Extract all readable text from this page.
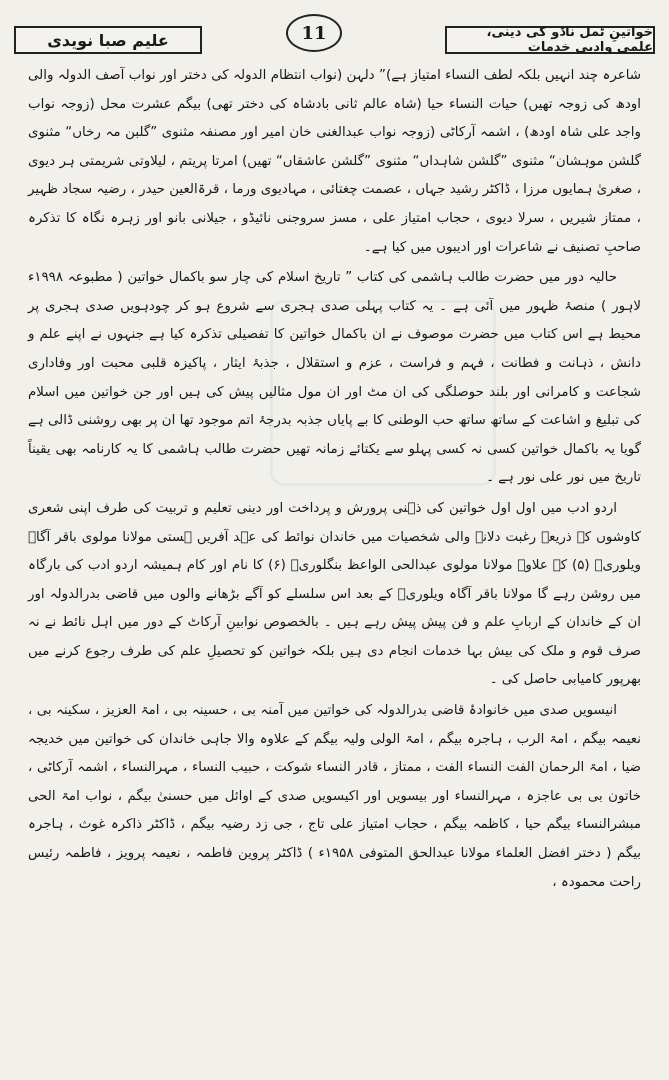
علیم صبا نویدی	11	خواتینِ ٹمل ناڈو کی دینی، علمی وادبی خدمات

شاعرہ چند انہیں بلکہ لطف النساء امتیاز ہے)” دلہن (نواب انتظام الدولہ کی دختر اور نواب آصف الدولہ والی اودھ کی زوجہ تھیں) حیات النساء حیا (شاہ عالم ثانی بادشاہ کی دختر تھی) بیگم عشرت محل (زوجہ نواب واجد علی شاہ اودھ) ، اشمہ آرکاٹی (زوجہ نواب عبدالغنی خان امیر اور مصنفہ مثنوی ”گلبن مہ رخاں“ مثنوی گلشن موہشان“ مثنوی ”گلشن شاہداں“ مثنوی ”گلشن عاشقاں“ تھیں) امرتا پریتم ، لیلاوتی شریمتی ہر دیوی ، صغریٰ ہمایوں مرزا ، ڈاکٹر رشید جہاں ، عصمت چغتائی ، مہادیوی ورما ، قرۃالعین حیدر ، رضیہ سجاد ظہیر ، ممتاز شیریں ، سرلا دیوی ، حجاب امتیاز علی ، مسز سروجنی نائیڈو ، جیلانی بانو اور زہرہ نگاہ کا تذکرہ صاحبِ تصنیف نے شاعرات اور ادیبوں میں کیا ہے۔

حالیہ دور میں حضرت طالب ہاشمی کی کتاب ” تاریخ اسلام کی چار سو باکمال خواتین ( مطبوعہ ۱۹۹۸ء لاہور ) منصۂ ظہور میں آئی ہے ۔ یہ کتاب پہلی صدی ہجری سے شروع ہو کر چودہویں صدی ہجری پر محیط ہے اس کتاب میں حضرت موصوف نے ان باکمال خواتین کا تفصیلی تذکرہ کیا ہے جنہوں نے اپنے علم و دانش ، ذہانت و فطانت ، فہم و فراست ، عزم و استقلال ، جذبۂ ایثار ، پاکیزہ قلبی محبت اور وفاداری شجاعت و کامرانی اور بلند حوصلگی کی ان مٹ اور ان مول مثالیں پیش کی ہیں اور جن خواتین میں اسلام کی تبلیغ و اشاعت کے ساتھ ساتھ حب الوطنی کا بے پایاں جذبہ بدرجۂ اتم موجود تھا ان پر بھی روشنی ڈالی ہے گویا یہ باکمال خواتین کسی نہ کسی پہلو سے یکتائے زمانہ تھیں حضرت طالب ہاشمی کا یہ کارنامہ بھی یقیناً تاریخ میں نور علی نور ہے ۔

اردو ادب میں اول اول خواتین کی ذہنی پرورش و پرداخت اور دینی تعلیم و تربیت کی طرف اپنی شعری کاوشوں کے ذریعہ رغبت دلانے والی شخصیات میں خاندان نوائط کی عہد آفریں ہستی مولانا مولوی باقر آگاہ ویلوریؒ (۵) کے علاوہ مولانا مولوی عبدالحی الواعظ بنگلوریؒ (۶) کا نام اور کام ہمیشہ اردو ادب کی بارگاہ میں روشن رہے گا مولانا باقر آگاہ ویلوریؒ کے بعد اس سلسلے کو آگے بڑھانے والوں میں قاضی بدرالدولہ اور ان کے خاندان کے اربابِ علم و فن پیش پیش رہے ہیں ۔ بالخصوص نوابینِ آرکاٹ کے دور میں اہل نائط نے نہ صرف قوم و ملک کی بیش بہا خدمات انجام دی ہیں بلکہ خواتین کو تحصیلِ علم کی طرف رجوع کرنے میں بھرپور کامیابی حاصل کی ۔

انیسویں صدی میں خانوادۂ قاضی بدرالدولہ کی خواتین میں آمنہ بی ، حسینہ بی ، امۃ العزیز ، سکینہ بی ، نعیمہ بیگم ، امۃ الرب ، ہاجرہ بیگم ، امۃ الولی ولیہ بیگم کے علاوہ والا جاہی خاندان کی خواتین میں خدیجہ ضیا ، امۃ الرحمان الفت النساء الفت ، ممتاز ، قادر النساء شوکت ، حبیب النساء ، مہرالنساء ، اشمہ آرکاٹی ، خاتون بی بی عاجزہ ، مہرالنساء اور بیسویں اور اکیسویں صدی کے اوائل میں حسنیٰ بیگم ، نواب امۃ الحی مبشرالنساء بیگم حیا ، کاظمہ بیگم ، حجاب امتیاز علی تاج ، جی زد رضیہ بیگم ، ڈاکٹر ذاکرہ غوث ، ہاجرہ بیگم ( دختر افضل العلماء مولانا عبدالحق المتوفی ۱۹۵۸ء ) ڈاکٹر پروین فاطمہ ، نعیمہ پرویز ، فاطمہ رئیس راحت محمودہ ،
